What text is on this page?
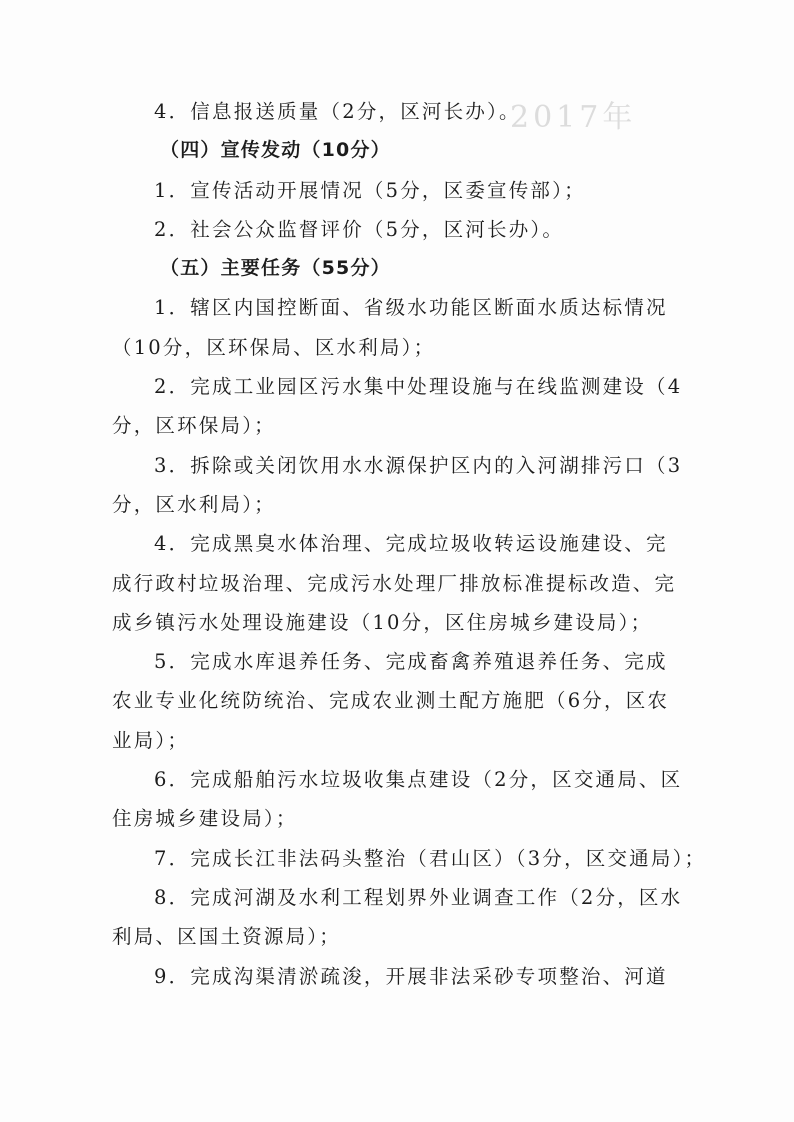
2017年
4．信息报送质量（2分，区河长办）。
（四）宣传发动（10分）
1．宣传活动开展情况（5分，区委宣传部）；
2．社会公众监督评价（5分，区河长办）。
（五）主要任务（55分）
1．辖区内国控断面、省级水功能区断面水质达标情况
（10分，区环保局、区水利局）；
2．完成工业园区污水集中处理设施与在线监测建设（4
分，区环保局）；
3．拆除或关闭饮用水水源保护区内的入河湖排污口（3
分，区水利局）；
4．完成黑臭水体治理、完成垃圾收转运设施建设、完
成行政村垃圾治理、完成污水处理厂排放标准提标改造、完
成乡镇污水处理设施建设（10分，区住房城乡建设局）；
5．完成水库退养任务、完成畜禽养殖退养任务、完成
农业专业化统防统治、完成农业测土配方施肥（6分，区农
业局）；
6．完成船舶污水垃圾收集点建设（2分，区交通局、区
住房城乡建设局）；
7．完成长江非法码头整治（君山区）（3分，区交通局）；
8．完成河湖及水利工程划界外业调查工作（2分，区水
利局、区国土资源局）；
9．完成沟渠清淤疏浚，开展非法采砂专项整治、河道
